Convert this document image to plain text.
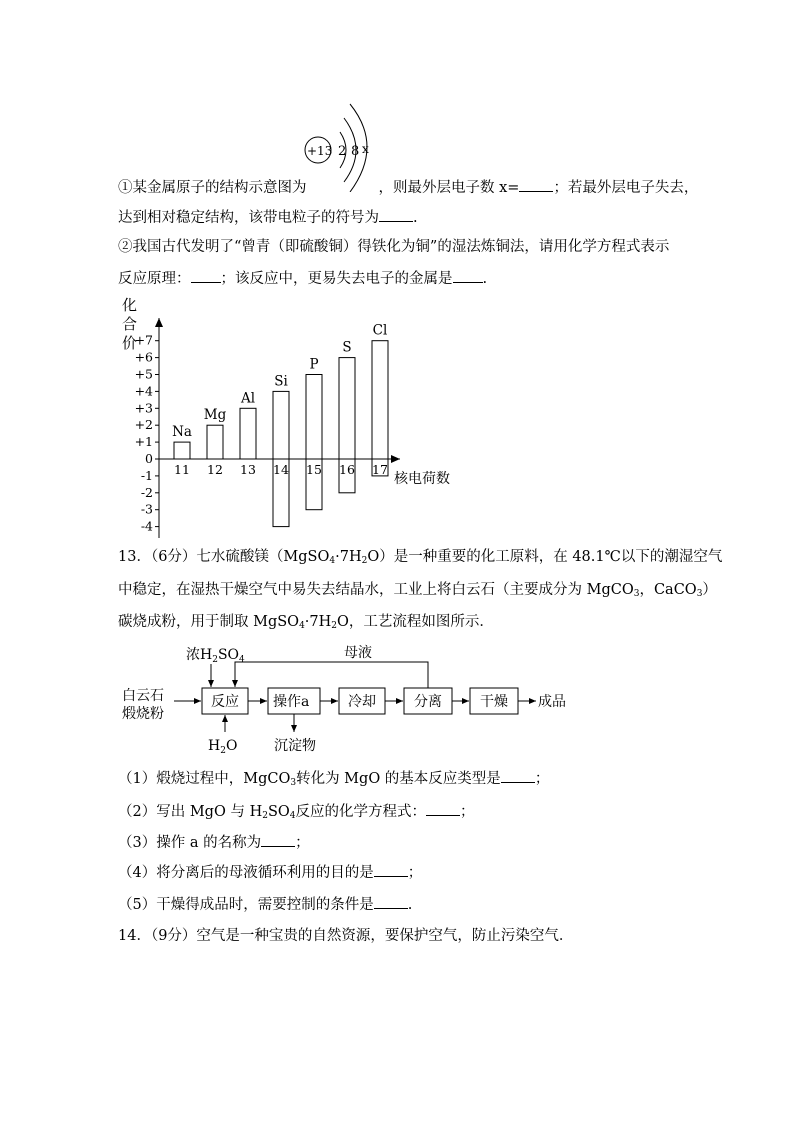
+13 2 8 x
①某金属原子的结构示意图为	，则最外层电子数 x= ；若最外层电子失去，
达到相对稳定结构，该带电粒子的符号为 .
②我国古代发明了“曾青（即硫酸铜）得铁化为铜”的湿法炼铜法，请用化学方程式表示
反应原理： ；该反应中，更易失去电子的金属是 .
化
合
价
+7
+6
+5
+4
+3
+2
+1
0
-1
-2
-3
-4
核电荷数
Na
11
Mg
12
Al
13
Si
14
P
15
S
16
Cl
17
13．（6分）七水硫酸镁$(MgSO_4\cdot 7H_2O)$是一种重要的化工原料，在 48.1℃以下的潮湿空气
中稳定，在湿热干燥空气中易失去结晶水，工业上将白云石（主要成分为 MgCO$_3$，CaCO$_3$）
碳烧成粉，用于制取 $MgSO_4\cdot 7H_2O$，工艺流程如图所示．
白云石
煅烧粉
浓$H_2SO_4$	母液
$H_2O$	沉淀物
成品
反应 操作a	冷却	分离	干燥
（1）煅烧过程中，MgCO$_3$转化为 MgO 的基本反应类型是 ；
（2）写出 MgO 与 $H_2SO_4$反应的化学方程式： ；
（3）操作 a 的名称为 ；
（4）将分离后的母液循环利用的目的是 ；
（5）干燥得成品时，需要控制的条件是 .
14．（9分）空气是一种宝贵的自然资源，要保护空气，防止污染空气．
